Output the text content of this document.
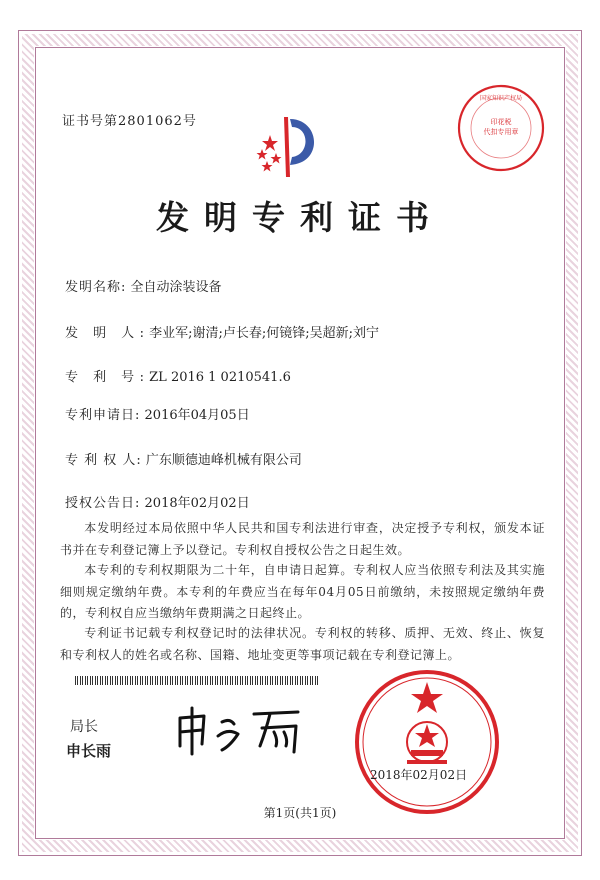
证书号第2801062号	印花税
代扣专用章
国家知识产权局
发明专利证书
发明名称: 全自动涂装设备
发 明 人: 李业军;谢清;卢长春;何镜锋;吴超新;刘宁
专 利 号: ZL 2016 1 0210541.6
专利申请日: 2016年04月05日
专 利 权 人: 广东顺德迪峰机械有限公司
授权公告日: 2018年02月02日
本发明经过本局依照中华人民共和国专利法进行审查，决定授予专利权，颁发本证书并在专利登记簿上予以登记。专利权自授权公告之日起生效。
本专利的专利权期限为二十年，自申请日起算。专利权人应当依照专利法及其实施细则规定缴纳年费。本专利的年费应当在每年04月05日前缴纳，未按照规定缴纳年费的，专利权自应当缴纳年费期满之日起终止。
专利证书记载专利权登记时的法律状况。专利权的转移、质押、无效、终止、恢复和专利权人的姓名或名称、国籍、地址变更等事项记载在专利登记簿上。
局长
申长雨
2018年02月02日
第1页(共1页)
